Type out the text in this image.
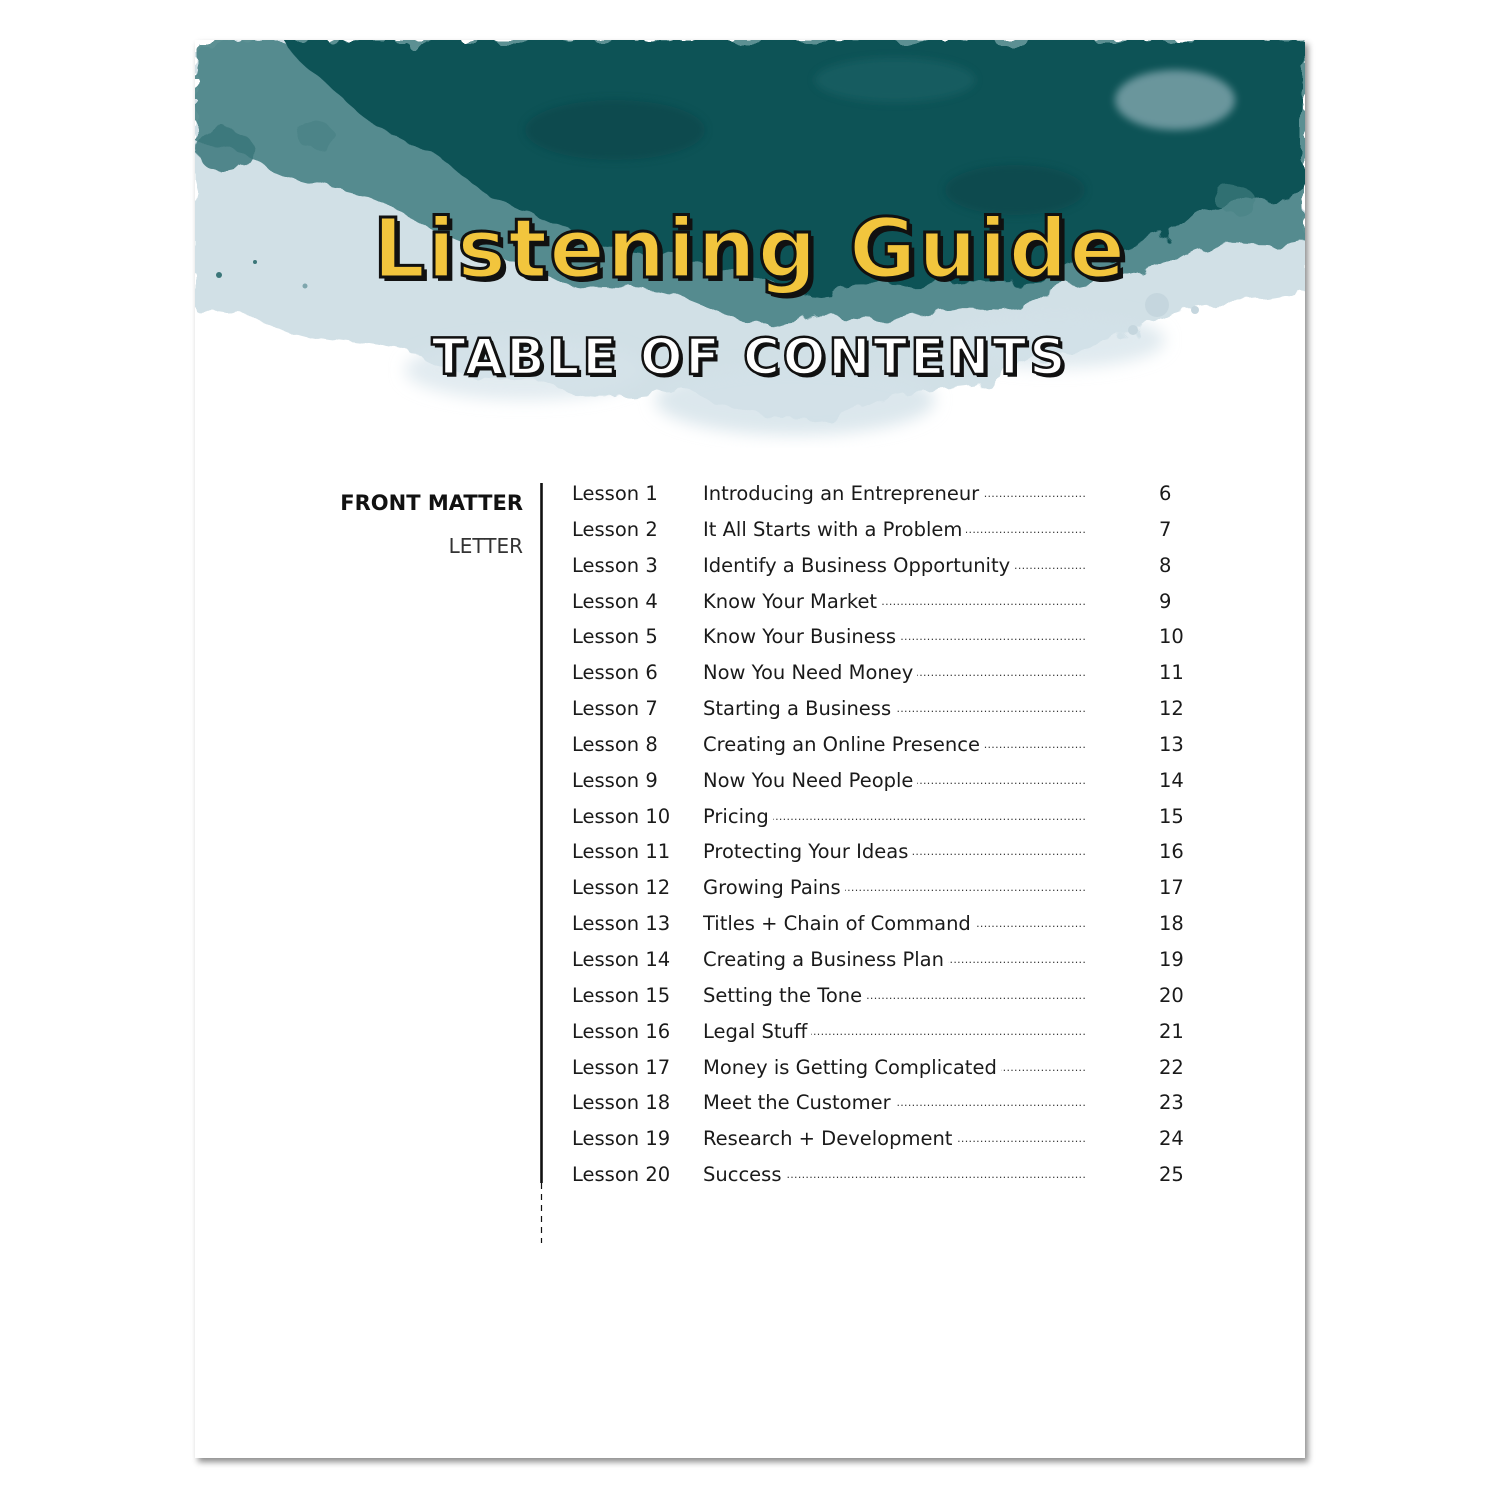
Listening Guide
TABLE OF CONTENTS
FRONT MATTER
LETTER
Lesson 1 Introducing an Entrepreneur . . .	6
Lesson 2 It All Starts with a Problem . . .	7
Lesson 3 Identify a Business Opportunity . . .	8
Lesson 4 Know Your Market . . .	9
Lesson 5 Know Your Business . . .	10
Lesson 6 Now You Need Money . . .	11
Lesson 7 Starting a Business . . .	12
Lesson 8 Creating an Online Presence . . .	13
Lesson 9 Now You Need People . . .	14
Lesson 10 Pricing . . .	15
Lesson 11 Protecting Your Ideas . . .	16
Lesson 12 Growing Pains . . .	17
Lesson 13 Titles + Chain of Command . . .	18
Lesson 14 Creating a Business Plan . . .	19
Lesson 15 Setting the Tone . . .	20
Lesson 16 Legal Stuff . . .	21
Lesson 17 Money is Getting Complicated . . .	22
Lesson 18 Meet the Customer . . .	23
Lesson 19 Research + Development . . .	24
Lesson 20 Success . . .	25
